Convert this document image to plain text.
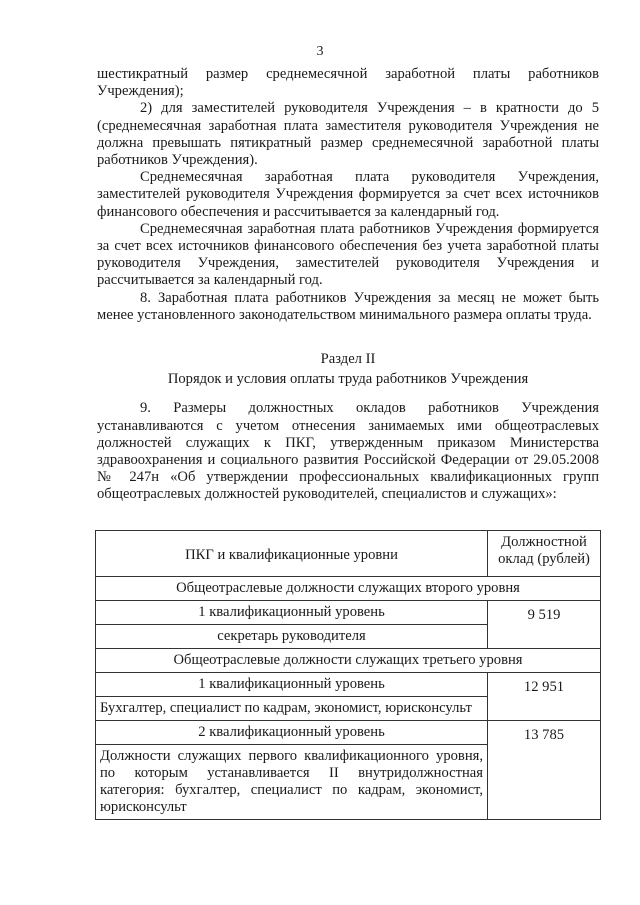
3

шестикратный размер среднемесячной заработной платы работников Учреждения);

2) для заместителей руководителя Учреждения – в кратности до 5 (среднемесячная заработная плата заместителя руководителя Учреждения не должна превышать пятикратный размер среднемесячной заработной платы работников Учреждения).

Среднемесячная заработная плата руководителя Учреждения, заместителей руководителя Учреждения формируется за счет всех источников финансового обеспечения и рассчитывается за календарный год.

Среднемесячная заработная плата работников Учреждения формируется за счет всех источников финансового обеспечения без учета заработной платы руководителя Учреждения, заместителей руководителя Учреждения и рассчитывается за календарный год.

8. Заработная плата работников Учреждения за месяц не может быть менее установленного законодательством минимального размера оплаты труда.

Раздел II
Порядок и условия оплаты труда работников Учреждения

9. Размеры должностных окладов работников Учреждения устанавливаются с учетом отнесения занимаемых ими общеотраслевых должностей служащих к ПКГ, утвержденным приказом Министерства здравоохранения и социального развития Российской Федерации от 29.05.2008 № 247н «Об утверждении профессиональных квалификационных групп общеотраслевых должностей руководителей, специалистов и служащих»:

ПКГ и квалификационные уровни	Должностной оклад (рублей)
Общеотраслевые должности служащих второго уровня	
1 квалификационный уровень	9 519
секретарь руководителя	
Общеотраслевые должности служащих третьего уровня	
1 квалификационный уровень	12 951
Бухгалтер, специалист по кадрам, экономист, юрисконсульт	
2 квалификационный уровень	13 785
Должности служащих первого квалификационного уровня, по которым устанавливается II внутридолжностная категория: бухгалтер, специалист по кадрам, экономист, юрисконсульт	
